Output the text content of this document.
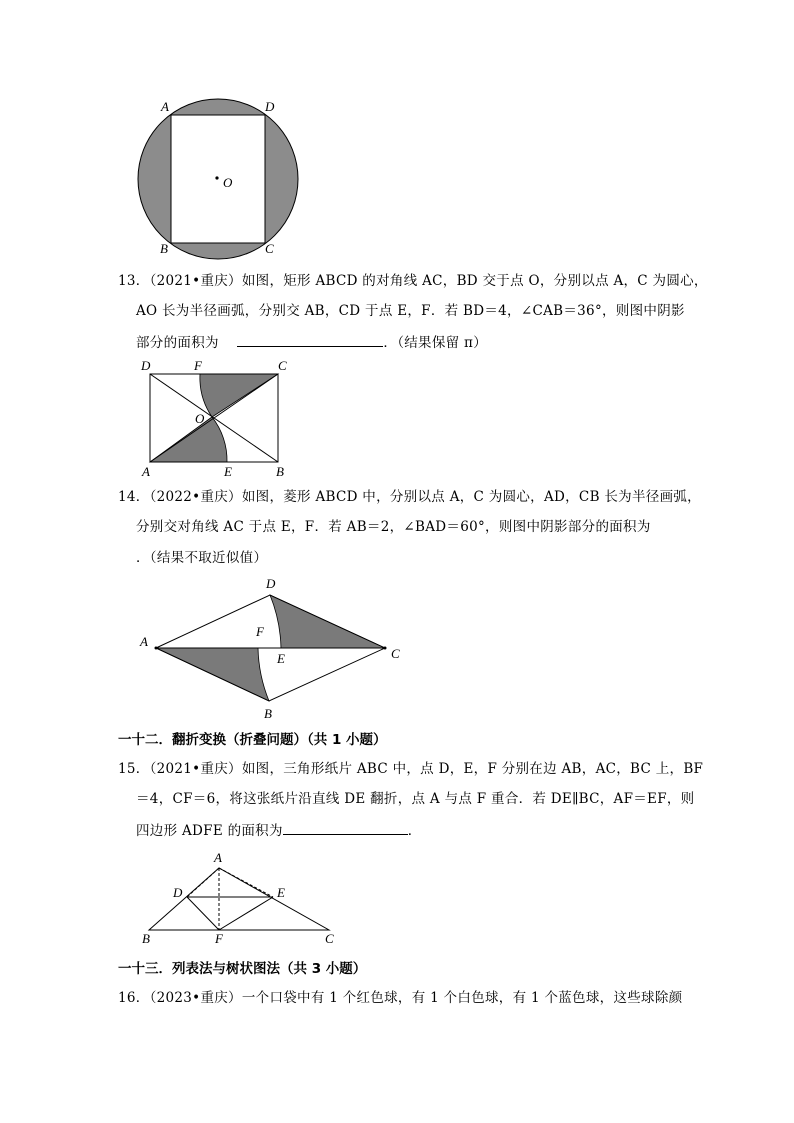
A	D
O
B	C
13．（2021•重庆）如图，矩形 ABCD 的对角线 AC，BD 交于点 O，分别以点 A，C 为圆心，
AO 长为半径画弧，分别交 AB，CD 于点 E，F．若 BD＝4，∠CAB＝36°，则图中阴影
部分的面积为	．（结果保留 π）
D	F	C
O
A	E	B
14．（2022•重庆）如图，菱形 ABCD 中，分别以点 A，C 为圆心，AD，CB 长为半径画弧，
分别交对角线 AC 于点 E，F．若 AB＝2，∠BAD＝60°，则图中阴影部分的面积为
．（结果不取近似值）
D
A
F
E	C
B
一十二．翻折变换（折叠问题）（共 1 小题）
15．（2021•重庆）如图，三角形纸片 ABC 中，点 D，E，F 分别在边 AB，AC，BC 上，BF
＝4，CF＝6，将这张纸片沿直线 DE 翻折，点 A 与点 F 重合．若 DE∥BC，AF＝EF，则
四边形 ADFE 的面积为	．
A
D	E
B	F	C
一十三．列表法与树状图法（共 3 小题）
16．（2023•重庆）一个口袋中有 1 个红色球，有 1 个白色球，有 1 个蓝色球，这些球除颜
